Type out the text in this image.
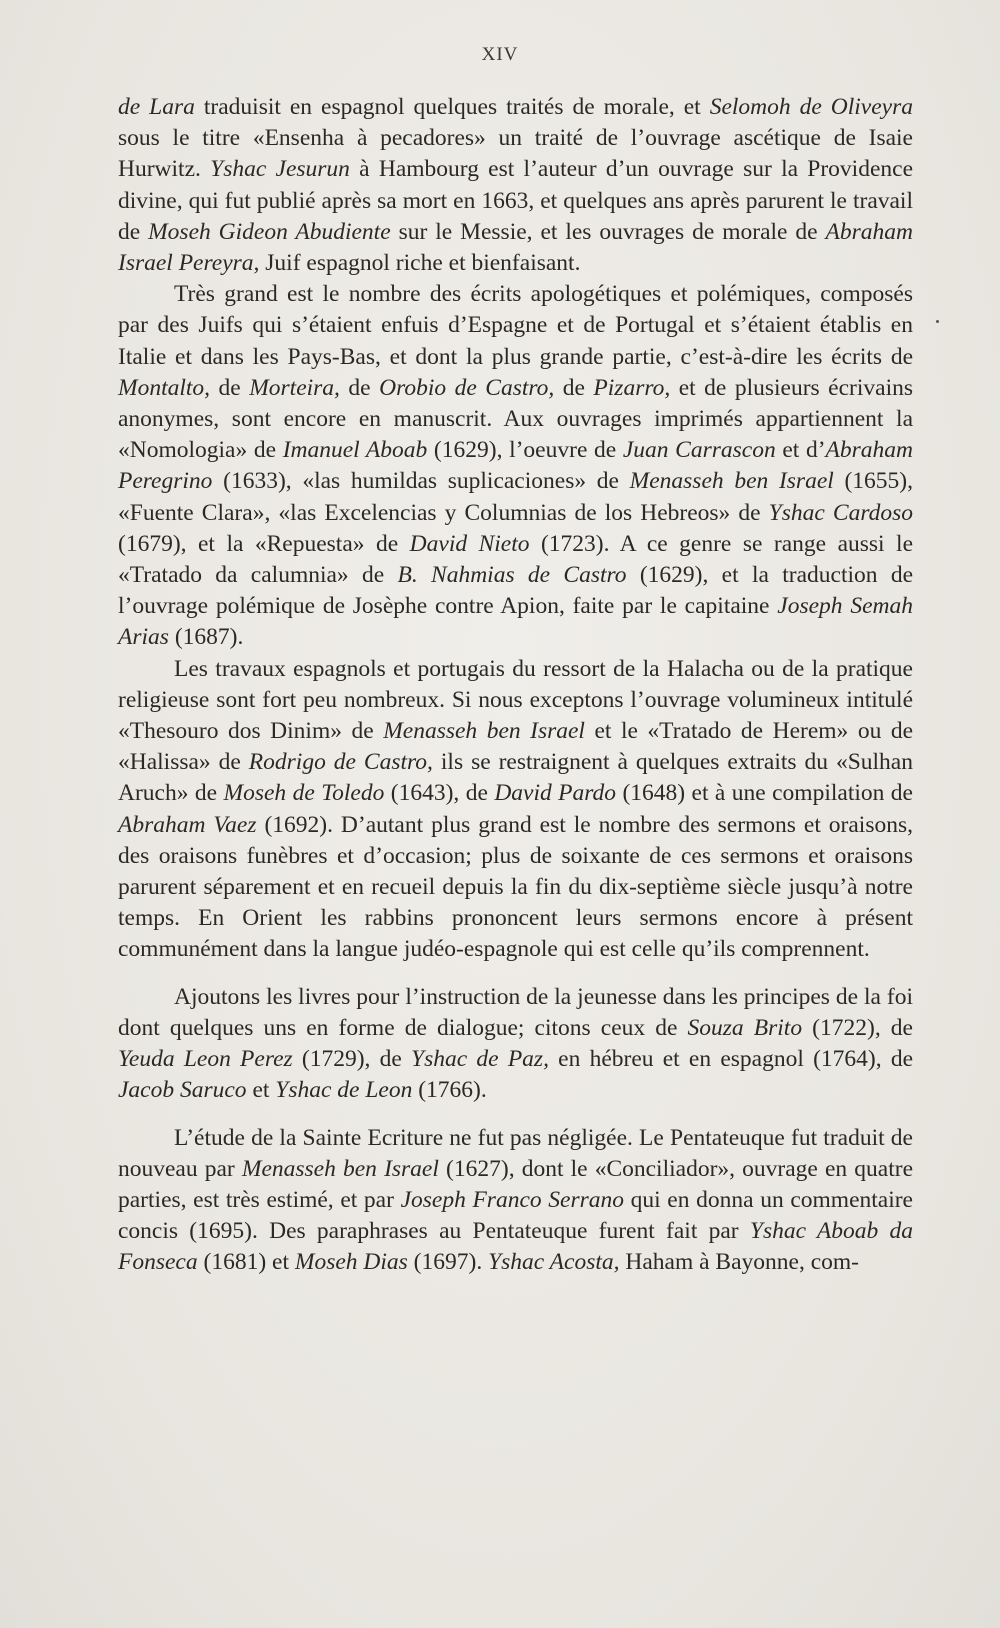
XIV

de Lara traduisit en espagnol quelques traités de morale, et Selomoh de Oliveyra sous le titre «Ensenha à pecadores» un traité de l’ouvrage ascétique de Isaie Hurwitz. Yshac Jesurun à Hambourg est l’auteur d’un ouvrage sur la Providence divine, qui fut publié après sa mort en 1663, et quelques ans après parurent le travail de Moseh Gideon Abudiente sur le Messie, et les ouvrages de morale de Abraham Israel Pereyra, Juif espagnol riche et bienfaisant.

Très grand est le nombre des écrits apologétiques et polémiques, composés par des Juifs qui s’étaient enfuis d’Espagne et de Portugal et s’étaient établis en Italie et dans les Pays-Bas, et dont la plus grande partie, c’est-à-dire les écrits de Montalto, de Morteira, de Orobio de Castro, de Pizarro, et de plusieurs écrivains anonymes, sont encore en manuscrit. Aux ouvrages imprimés appartiennent la «Nomologia» de Imanuel Aboab (1629), l’oeuvre de Juan Carrascon et d’Abraham Peregrino (1633), «las humildas suplicaciones» de Menasseh ben Israel (1655), «Fuente Clara», «las Excelencias y Columnias de los Hebreos» de Yshac Cardoso (1679), et la «Repuesta» de David Nieto (1723). A ce genre se range aussi le «Tratado da calumnia» de B. Nahmias de Castro (1629), et la traduction de l’ouvrage polémique de Josèphe contre Apion, faite par le capitaine Joseph Semah Arias (1687).

Les travaux espagnols et portugais du ressort de la Halacha ou de la pratique religieuse sont fort peu nombreux. Si nous exceptons l’ouvrage volumineux intitulé «Thesouro dos Dinim» de Menasseh ben Israel et le «Tratado de Herem» ou de «Halissa» de Rodrigo de Castro, ils se restraignent à quelques extraits du «Sulhan Aruch» de Moseh de Toledo (1643), de David Pardo (1648) et à une compilation de Abraham Vaez (1692). D’autant plus grand est le nombre des sermons et oraisons, des oraisons funèbres et d’occasion; plus de soixante de ces sermons et oraisons parurent séparement et en recueil depuis la fin du dix-septième siècle jusqu’à notre temps. En Orient les rabbins prononcent leurs sermons encore à présent communément dans la langue judéo-espagnole qui est celle qu’ils comprennent.

Ajoutons les livres pour l’instruction de la jeunesse dans les principes de la foi dont quelques uns en forme de dialogue; citons ceux de Souza Brito (1722), de Yeuda Leon Perez (1729), de Yshac de Paz, en hébreu et en espagnol (1764), de Jacob Saruco et Yshac de Leon (1766).

L’étude de la Sainte Ecriture ne fut pas négligée. Le Pentateuque fut traduit de nouveau par Menasseh ben Israel (1627), dont le «Conciliador», ouvrage en quatre parties, est très estimé, et par Joseph Franco Serrano qui en donna un commentaire concis (1695). Des paraphrases au Pentateuque furent fait par Yshac Aboab da Fonseca (1681) et Moseh Dias (1697). Yshac Acosta, Haham à Bayonne, com-
